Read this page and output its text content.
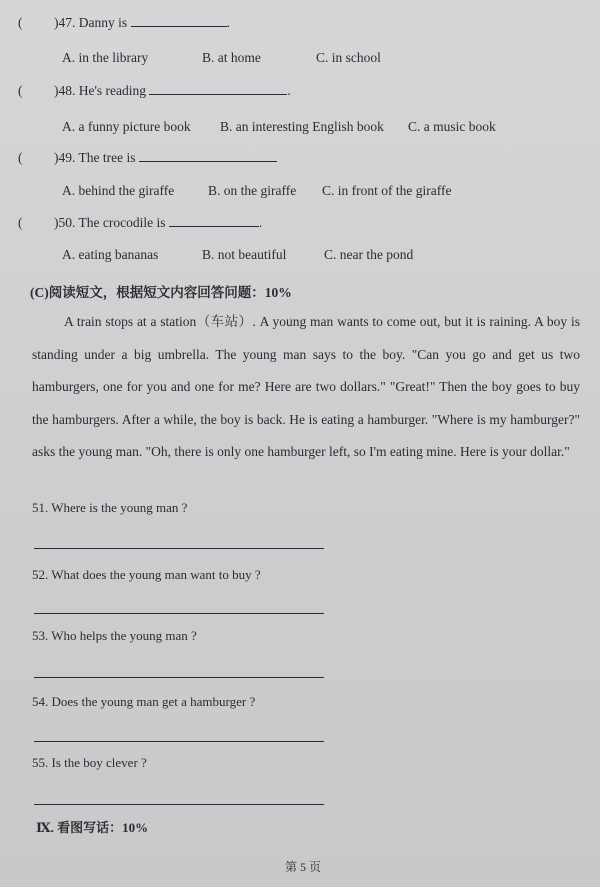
( )47. Danny is	.
A. in the library	B. at home	C. in school
( )48. He's reading	.
A. a funny picture book B. an interesting English book C. a music book
( )49. The tree is
A. behind the giraffe	B. on the giraffe C. in front of the giraffe
( )50. The crocodile is	.
A. eating bananas	B. not beautiful	C. near the pond
(C)阅读短文，根据短文内容回答问题：10%
A train stops at a station（车站）. A young man wants to come out, but it is raining. A boy is standing under a big umbrella. The young man says to the boy. "Can you go and get us two hamburgers, one for you and one for me? Here are two dollars." "Great!" Then the boy goes to buy the hamburgers. After a while, the boy is back. He is eating a hamburger. "Where is my hamburger?" asks the young man. "Oh, there is only one hamburger left, so I'm eating mine. Here is your dollar."
51. Where is the young man ?
52. What does the young man want to buy ?
53. Who helps the young man ?
54. Does the young man get a hamburger ?
55. Is the boy clever ?
Ⅸ. 看图写话：10%
第 5 页
